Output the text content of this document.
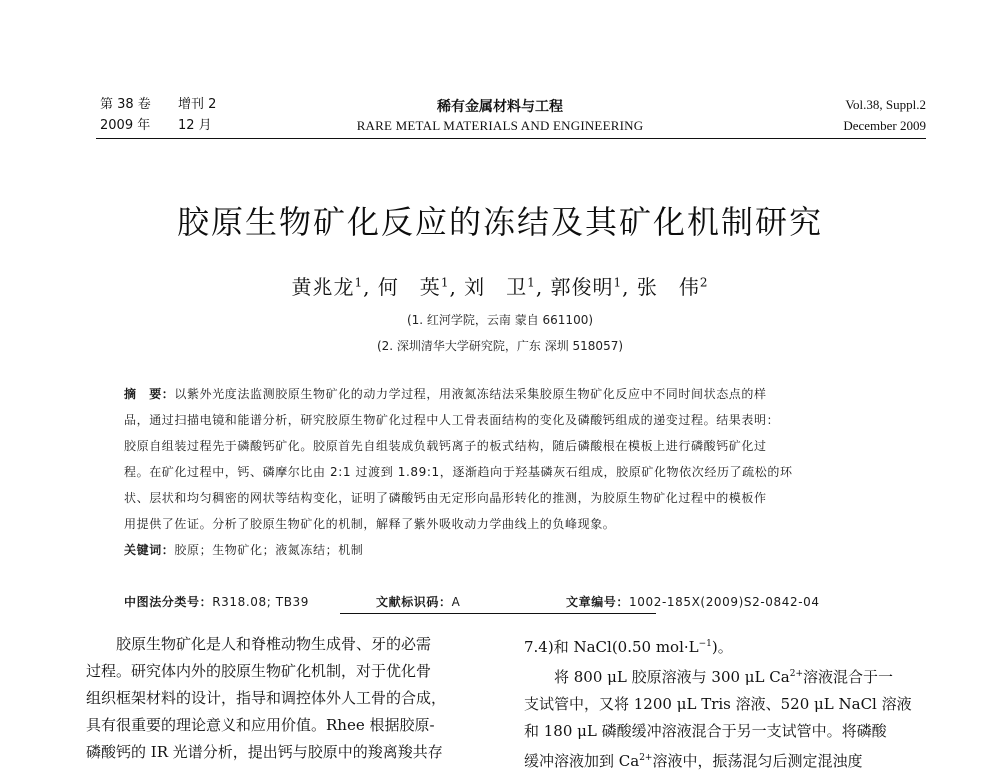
第 38 卷 增刊 2
2009 年 12 月
稀有金属材料与工程
RARE METAL MATERIALS AND ENGINEERING
Vol.38, Suppl.2
December 2009
胶原生物矿化反应的冻结及其矿化机制研究
黄兆龙$^1$, 何　英$^1$, 刘　卫$^1$, 郭俊明$^1$, 张　伟$^2$
(1. 红河学院，云南 蒙自 661100)
(2. 深圳清华大学研究院，广东 深圳 518057)
摘　要：以紫外光度法监测胶原生物矿化的动力学过程，用液氮冻结法采集胶原生物矿化反应中不同时间状态点的样
品，通过扫描电镜和能谱分析，研究胶原生物矿化过程中人工骨表面结构的变化及磷酸钙组成的递变过程。结果表明：
胶原自组装过程先于磷酸钙矿化。胶原首先自组装成负载钙离子的板式结构，随后磷酸根在模板上进行磷酸钙矿化过
程。在矿化过程中，钙、磷摩尔比由 2:1 过渡到 1.89:1，逐渐趋向于羟基磷灰石组成，胶原矿化物依次经历了疏松的环
状、层状和均匀稠密的网状等结构变化，证明了磷酸钙由无定形向晶形转化的推测，为胶原生物矿化过程中的模板作
用提供了佐证。分析了胶原生物矿化的机制，解释了紫外吸收动力学曲线上的负峰现象。
关键词：胶原；生物矿化；液氮冻结；机制
中图法分类号：R318.08; TB39	文献标识码：A	文章编号：1002-185X(2009)S2-0842-04
胶原生物矿化是人和脊椎动物生成骨、牙的必需
过程。研究体内外的胶原生物矿化机制，对于优化骨
组织框架材料的设计，指导和调控体外人工骨的合成，
具有很重要的理论意义和应用价值。Rhee 根据胶原-
磷酸钙的 IR 光谱分析，提出钙与胶原中的羧离羧共存
7.4)和 NaCl(0.50 $mol\cdot L^{-1}$)。
将 800 μL 胶原溶液与 300 μL $Ca^{2+}$溶液混合于一
支试管中，又将 1200 μL Tris 溶液、520 μL NaCl 溶液
和 180 μL 磷酸缓冲溶液混合于另一支试管中。将磷酸
缓冲溶液加到 $Ca^{2+}$溶液中，振荡混匀后测定混浊度
